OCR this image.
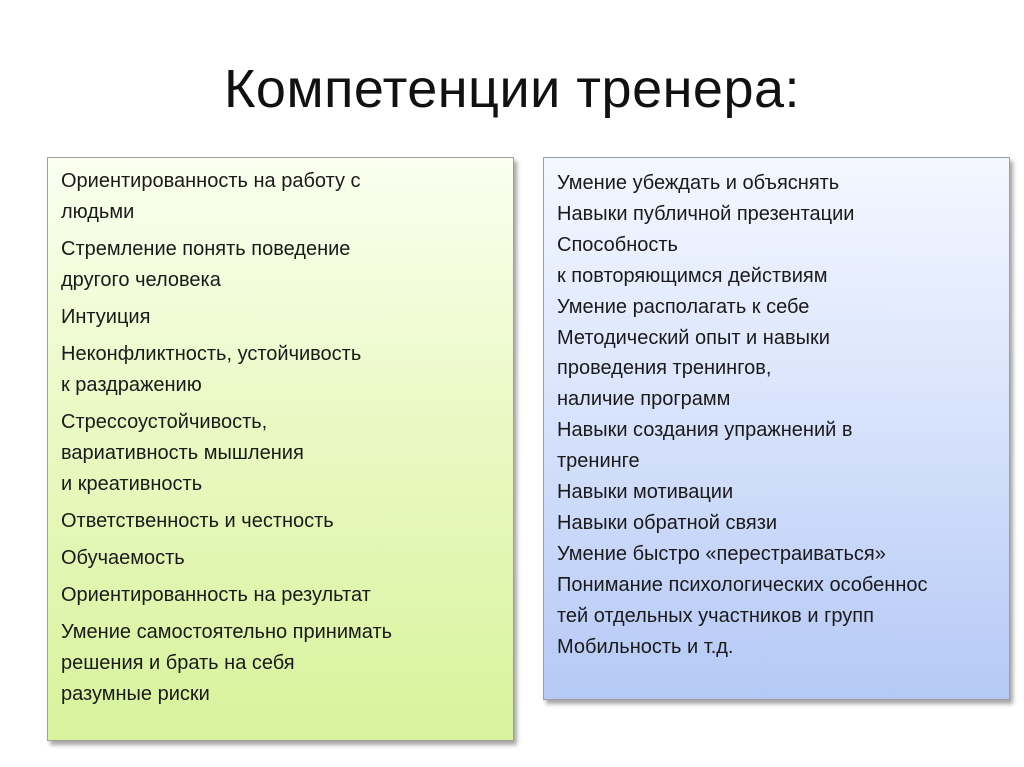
Компетенции тренера:
Ориентированность на работу с
людьми
Стремление понять поведение
другого человека
Интуиция
Неконфликтность, устойчивость
к раздражению
Стрессоустойчивость,
вариативность мышления
и креативность
Ответственность и честность
Обучаемость
Ориентированность на результат
Умение самостоятельно принимать
решения и брать на себя
разумные риски
Умение убеждать и объяснять
Навыки публичной презентации
Способность
к повторяющимся действиям
Умение располагать к себе
Методический опыт и навыки
проведения тренингов,
наличие программ
Навыки создания упражнений в
тренинге
Навыки мотивации
Навыки обратной связи
Умение быстро «перестраиваться»
Понимание психологических особеннос
тей отдельных участников и групп
Мобильность и т.д.
